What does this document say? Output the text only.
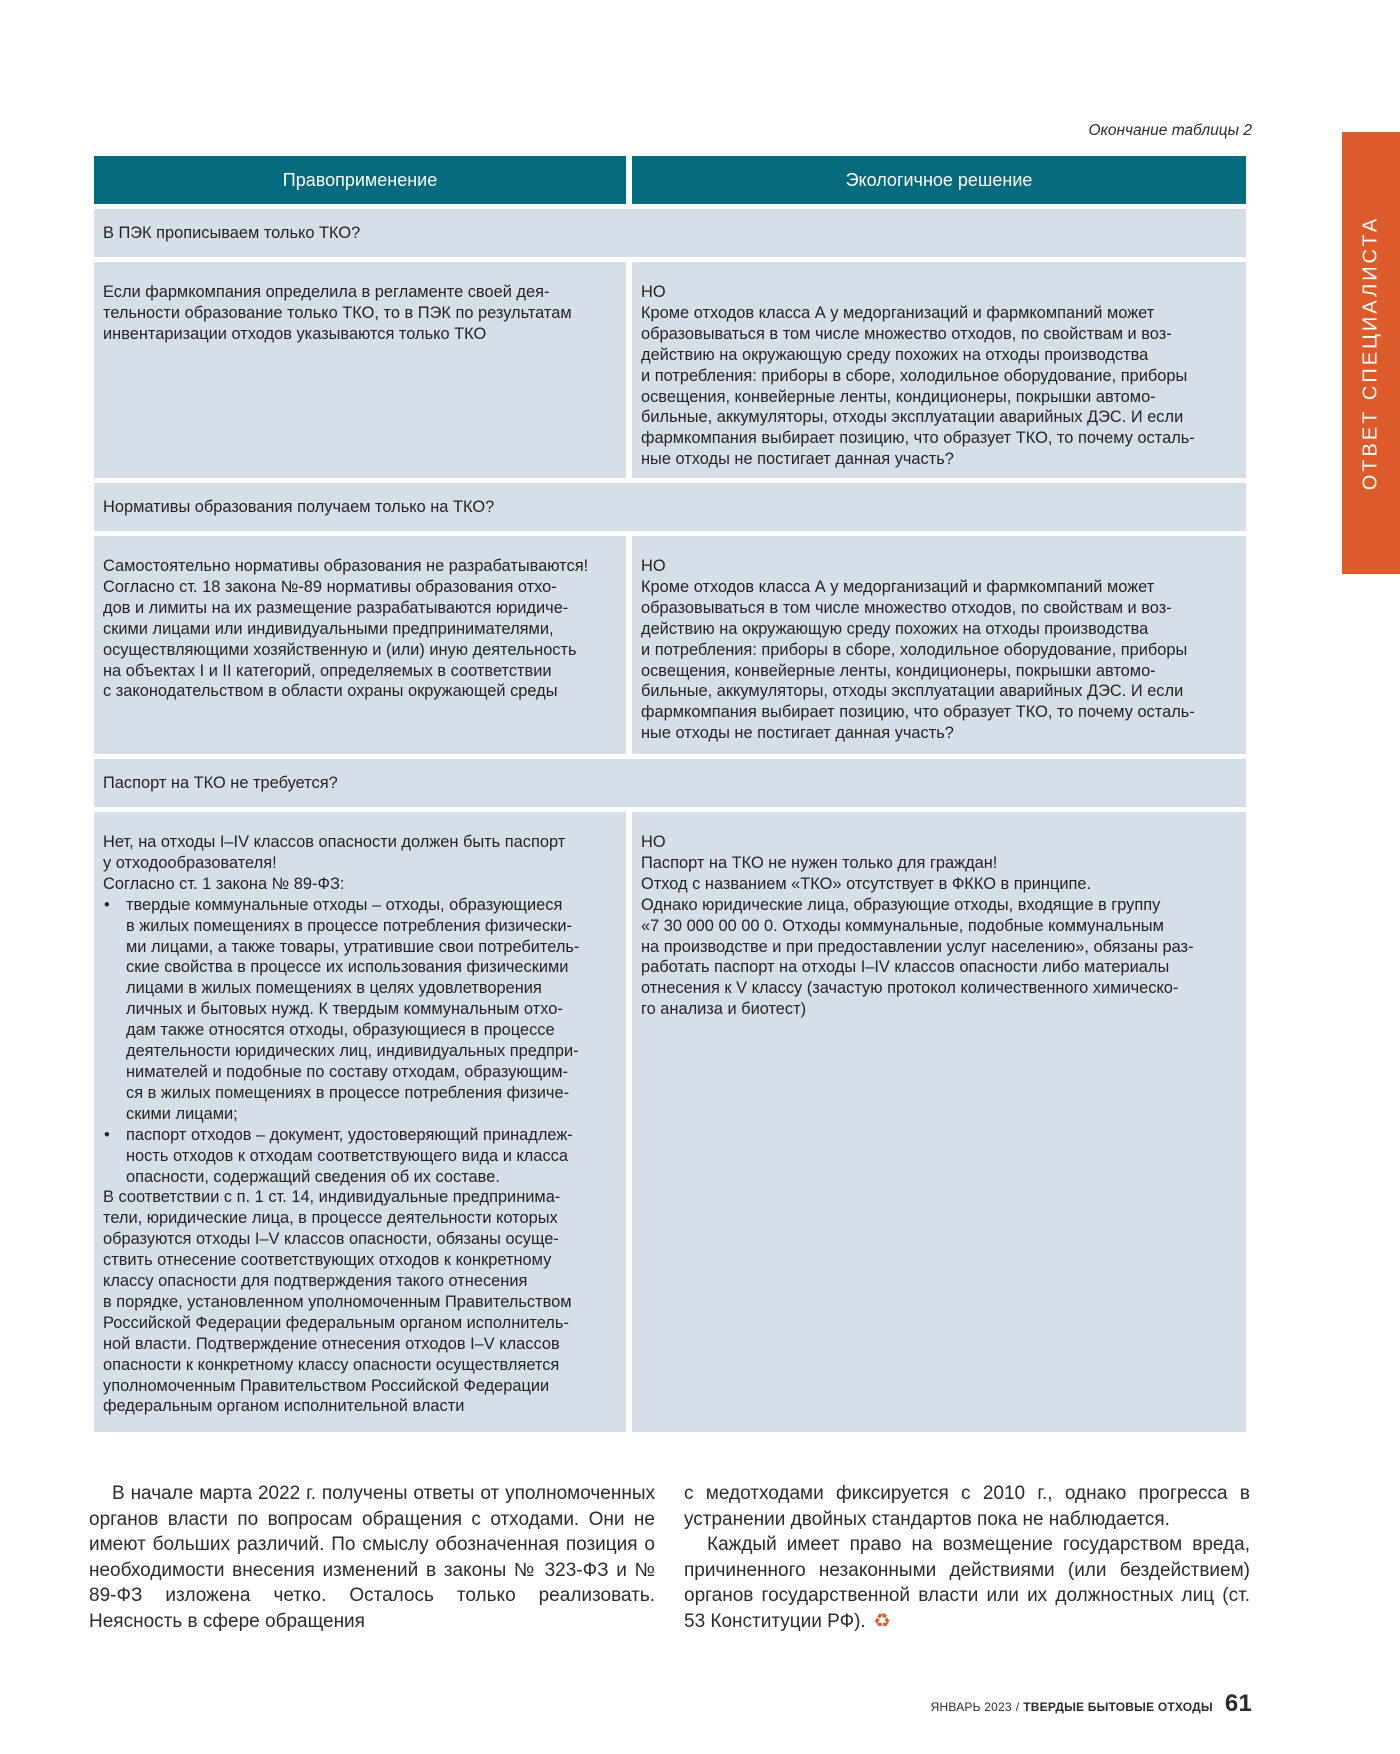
Окончание таблицы 2
ОТВЕТ СПЕЦИАЛИСТА
Правоприменение	Экологичное решение
В ПЭК прописываем только ТКО?
Если фармкомпания определила в регламенте своей дея-
тельности образование только ТКО, то в ПЭК по результатам
инвентаризации отходов указываются только ТКО
НО
Кроме отходов класса А у медорганизаций и фармкомпаний может
образовываться в том числе множество отходов, по свойствам и воз-
действию на окружающую среду похожих на отходы производства
и потребления: приборы в сборе, холодильное оборудование, приборы
освещения, конвейерные ленты, кондиционеры, покрышки автомо-
бильные, аккумуляторы, отходы эксплуатации аварийных ДЭС. И если
фармкомпания выбирает позицию, что образует ТКО, то почему осталь-
ные отходы не постигает данная участь?
Нормативы образования получаем только на ТКО?
Самостоятельно нормативы образования не разрабатываются!
Согласно ст. 18 закона №-89 нормативы образования отхо-
дов и лимиты на их размещение разрабатываются юридиче-
скими лицами или индивидуальными предпринимателями,
осуществляющими хозяйственную и (или) иную деятельность
на объектах I и II категорий, определяемых в соответствии
с законодательством в области охраны окружающей среды
НО
Кроме отходов класса А у медорганизаций и фармкомпаний может
образовываться в том числе множество отходов, по свойствам и воз-
действию на окружающую среду похожих на отходы производства
и потребления: приборы в сборе, холодильное оборудование, приборы
освещения, конвейерные ленты, кондиционеры, покрышки автомо-
бильные, аккумуляторы, отходы эксплуатации аварийных ДЭС. И если
фармкомпания выбирает позицию, что образует ТКО, то почему осталь-
ные отходы не постигает данная участь?
Паспорт на ТКО не требуется?
Нет, на отходы I–IV классов опасности должен быть паспорт
у отходообразователя!
Согласно ст. 1 закона № 89-ФЗ:
• твердые коммунальные отходы – отходы, образующиеся
в жилых помещениях в процессе потребления физически-
ми лицами, а также товары, утратившие свои потребитель-
ские свойства в процессе их использования физическими
лицами в жилых помещениях в целях удовлетворения
личных и бытовых нужд. К твердым коммунальным отхо-
дам также относятся отходы, образующиеся в процессе
деятельности юридических лиц, индивидуальных предпри-
нимателей и подобные по составу отходам, образующим-
ся в жилых помещениях в процессе потребления физиче-
скими лицами;
• паспорт отходов – документ, удостоверяющий принадлеж-
ность отходов к отходам соответствующего вида и класса
опасности, содержащий сведения об их составе.
В соответствии с п. 1 ст. 14, индивидуальные предпринима-
тели, юридические лица, в процессе деятельности которых
образуются отходы I–V классов опасности, обязаны осуще-
ствить отнесение соответствующих отходов к конкретному
классу опасности для подтверждения такого отнесения
в порядке, установленном уполномоченным Правительством
Российской Федерации федеральным органом исполнитель-
ной власти. Подтверждение отнесения отходов I–V классов
опасности к конкретному классу опасности осуществляется
уполномоченным Правительством Российской Федерации
федеральным органом исполнительной власти
НО
Паспорт на ТКО не нужен только для граждан!
Отход с названием «ТКО» отсутствует в ФККО в принципе.
Однако юридические лица, образующие отходы, входящие в группу
«7 30 000 00 00 0. Отходы коммунальные, подобные коммунальным
на производстве и при предоставлении услуг населению», обязаны раз-
работать паспорт на отходы I–IV классов опасности либо материалы
отнесения к V классу (зачастую протокол количественного химическо-
го анализа и биотест)

В начале марта 2022 г. получены ответы от уполномоченных органов власти по вопросам обращения с отходами. Они не имеют больших различий. По смыслу обозначенная позиция о необходимости внесения изменений в законы № 323-ФЗ и № 89-ФЗ изложена четко. Осталось только реализовать. Неясность в сфере обращения

с медотходами фиксируется с 2010 г., однако прогресса в устранении двойных стандартов пока не наблюдается.

Каждый имеет право на возмещение государством вреда, причиненного незаконными действиями (или бездействием) органов государственной власти или их должностных лиц (ст. 53 Конституции РФ). ♻

ЯНВАРЬ 2023 / ТВЕРДЫЕ БЫТОВЫЕ ОТХОДЫ 61
